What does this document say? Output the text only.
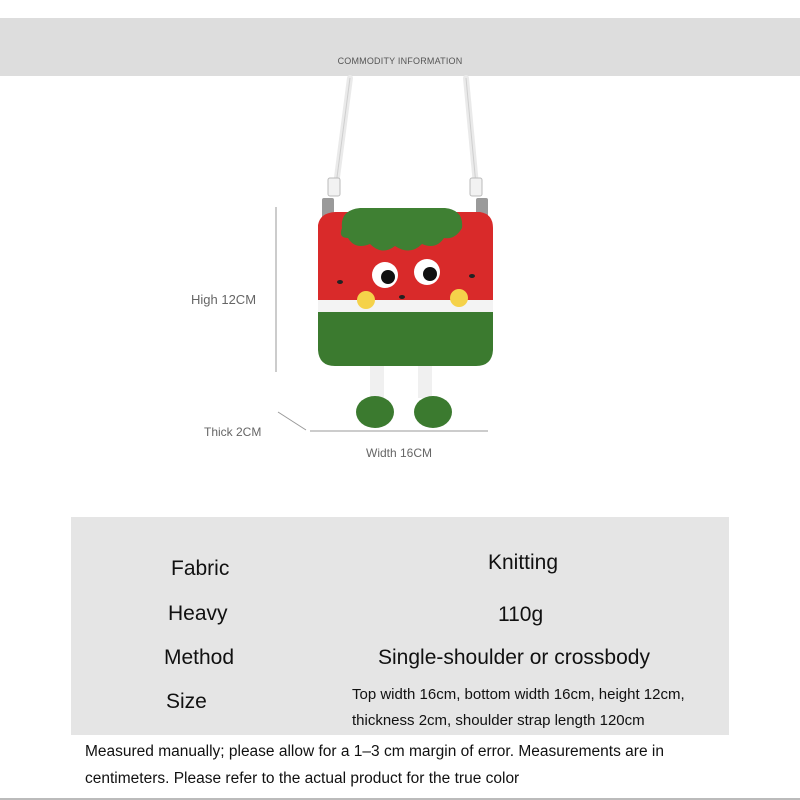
COMMODITY INFORMATION
High 12CM
Thick 2CM
Width 16CM
Fabric	Knitting
Heavy	110g
Method	Single-shoulder or crossbody
Size	Top width 16cm, bottom width 16cm, height 12cm, thickness 2cm, shoulder strap length 120cm
Measured manually; please allow for a 1–3 cm margin of error. Measurements are in centimeters. Please refer to the actual product for the true color
